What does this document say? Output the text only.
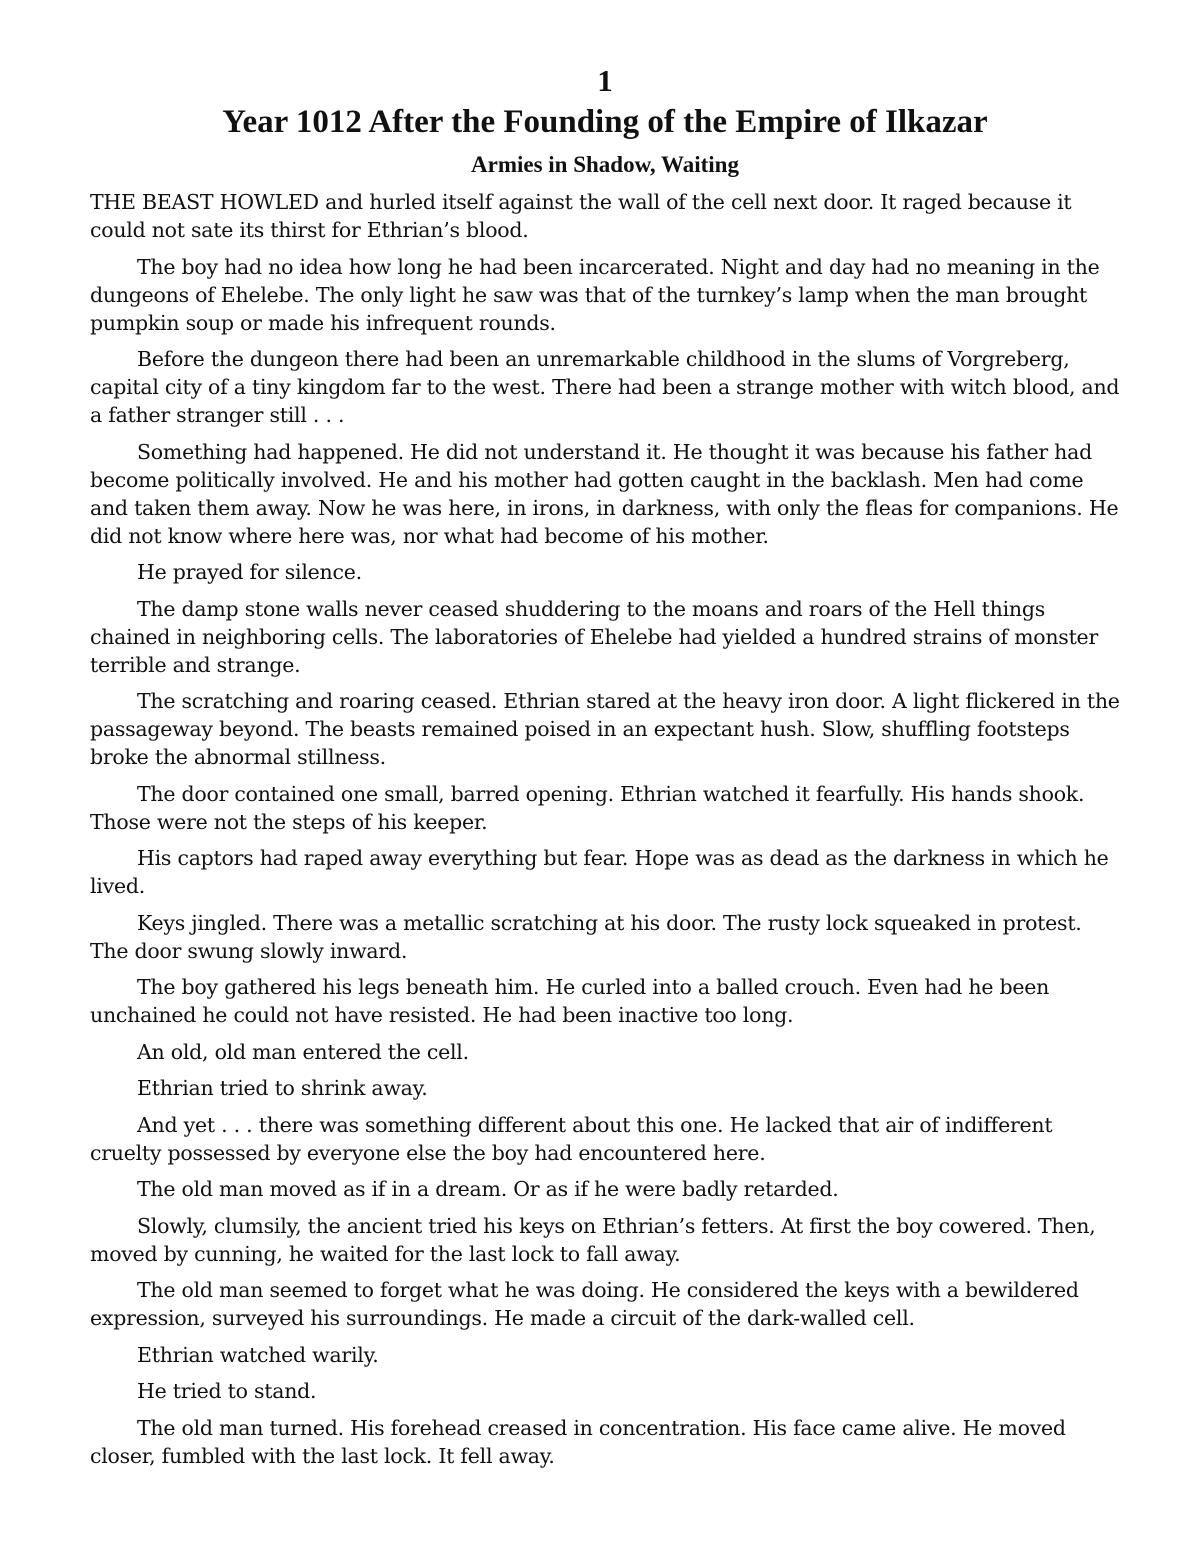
1
Year 1012 After the Founding of the Empire of Ilkazar
Armies in Shadow, Waiting

THE BEAST HOWLED and hurled itself against the wall of the cell next door. It raged because it could not sate its thirst for Ethrian’s blood.

The boy had no idea how long he had been incarcerated. Night and day had no meaning in the dungeons of Ehelebe. The only light he saw was that of the turnkey’s lamp when the man brought pumpkin soup or made his infrequent rounds.

Before the dungeon there had been an unremarkable childhood in the slums of Vorgreberg, capital city of a tiny kingdom far to the west. There had been a strange mother with witch blood, and a father stranger still . . .

Something had happened. He did not understand it. He thought it was because his father had become politically involved. He and his mother had gotten caught in the backlash. Men had come and taken them away. Now he was here, in irons, in darkness, with only the fleas for companions. He did not know where here was, nor what had become of his mother.

He prayed for silence.

The damp stone walls never ceased shuddering to the moans and roars of the Hell things chained in neighboring cells. The laboratories of Ehelebe had yielded a hundred strains of monster terrible and strange.

The scratching and roaring ceased. Ethrian stared at the heavy iron door. A light flickered in the passageway beyond. The beasts remained poised in an expectant hush. Slow, shuffling footsteps broke the abnormal stillness.

The door contained one small, barred opening. Ethrian watched it fearfully. His hands shook. Those were not the steps of his keeper.

His captors had raped away everything but fear. Hope was as dead as the darkness in which he lived.

Keys jingled. There was a metallic scratching at his door. The rusty lock squeaked in protest. The door swung slowly inward.

The boy gathered his legs beneath him. He curled into a balled crouch. Even had he been unchained he could not have resisted. He had been inactive too long.

An old, old man entered the cell.

Ethrian tried to shrink away.

And yet . . . there was something different about this one. He lacked that air of indifferent cruelty possessed by everyone else the boy had encountered here.

The old man moved as if in a dream. Or as if he were badly retarded.

Slowly, clumsily, the ancient tried his keys on Ethrian’s fetters. At first the boy cowered. Then, moved by cunning, he waited for the last lock to fall away.

The old man seemed to forget what he was doing. He considered the keys with a bewildered expression, surveyed his surroundings. He made a circuit of the dark-walled cell.

Ethrian watched warily.

He tried to stand.

The old man turned. His forehead creased in concentration. His face came alive. He moved closer, fumbled with the last lock. It fell away.
